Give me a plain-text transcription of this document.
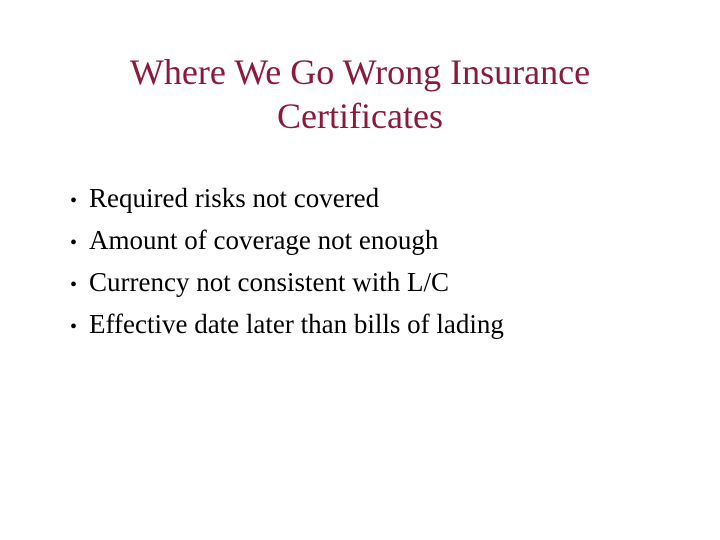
Where We Go Wrong Insurance
Certificates
• Required risks not covered
• Amount of coverage not enough
• Currency not consistent with L/C
• Effective date later than bills of lading
